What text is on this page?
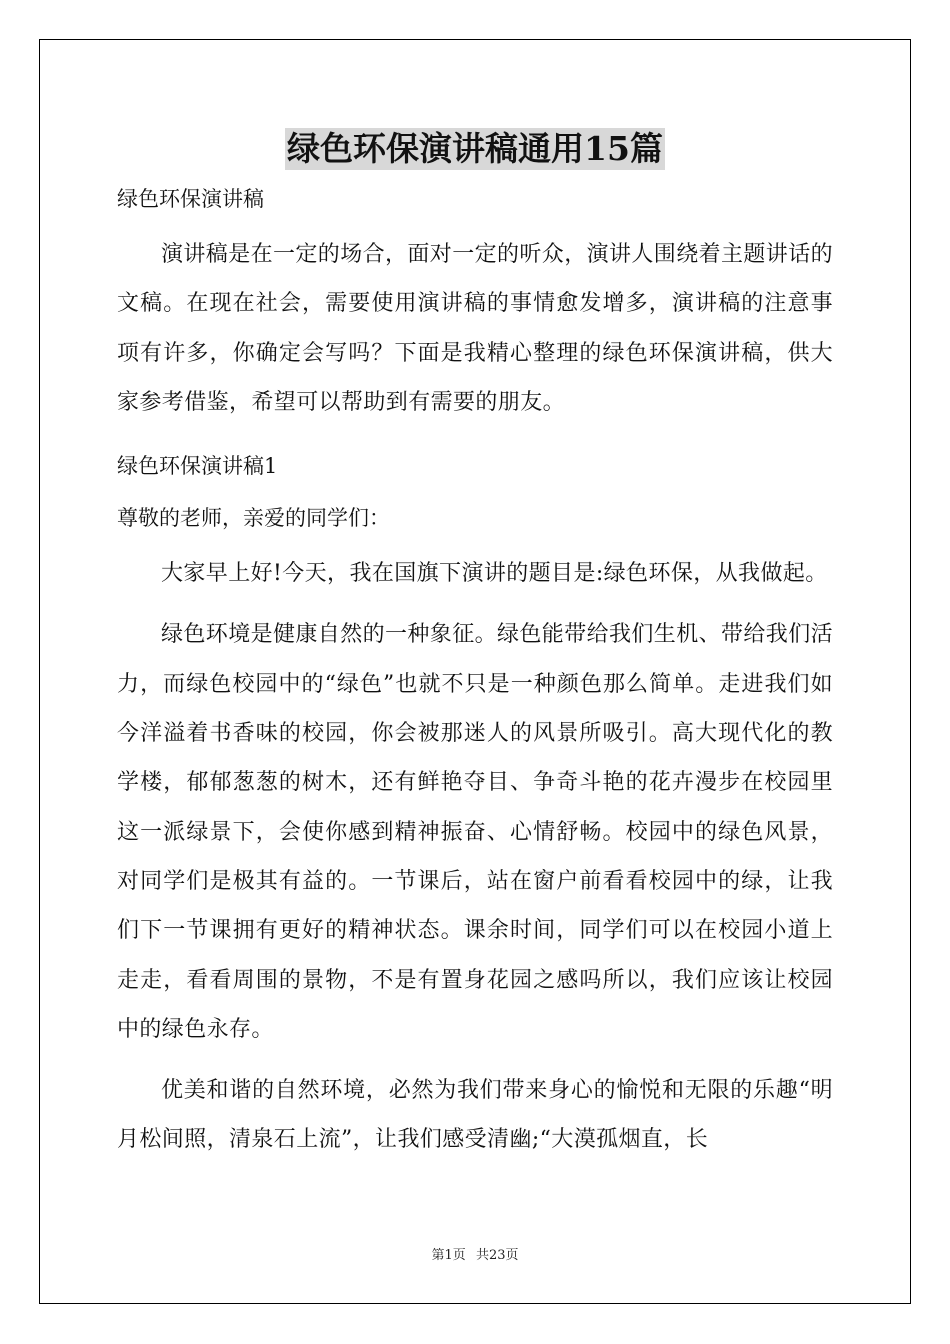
绿色环保演讲稿通用15篇

绿色环保演讲稿

演讲稿是在一定的场合，面对一定的听众，演讲人围绕着主题讲话的文稿。在现在社会，需要使用演讲稿的事情愈发增多，演讲稿的注意事项有许多，你确定会写吗？下面是我精心整理的绿色环保演讲稿，供大家参考借鉴，希望可以帮助到有需要的朋友。

绿色环保演讲稿1

尊敬的老师，亲爱的同学们：

大家早上好!今天，我在国旗下演讲的题目是:绿色环保，从我做起。

绿色环境是健康自然的一种象征。绿色能带给我们生机、带给我们活力，而绿色校园中的“绿色”也就不只是一种颜色那么简单。走进我们如今洋溢着书香味的校园，你会被那迷人的风景所吸引。高大现代化的教学楼，郁郁葱葱的树木，还有鲜艳夺目、争奇斗艳的花卉漫步在校园里这一派绿景下，会使你感到精神振奋、心情舒畅。校园中的绿色风景，对同学们是极其有益的。一节课后，站在窗户前看看校园中的绿，让我们下一节课拥有更好的精神状态。课余时间，同学们可以在校园小道上走走，看看周围的景物，不是有置身花园之感吗所以，我们应该让校园中的绿色永存。

优美和谐的自然环境，必然为我们带来身心的愉悦和无限的乐趣“明月松间照，清泉石上流”，让我们感受清幽;“大漠孤烟直，长

第1页 共23页
